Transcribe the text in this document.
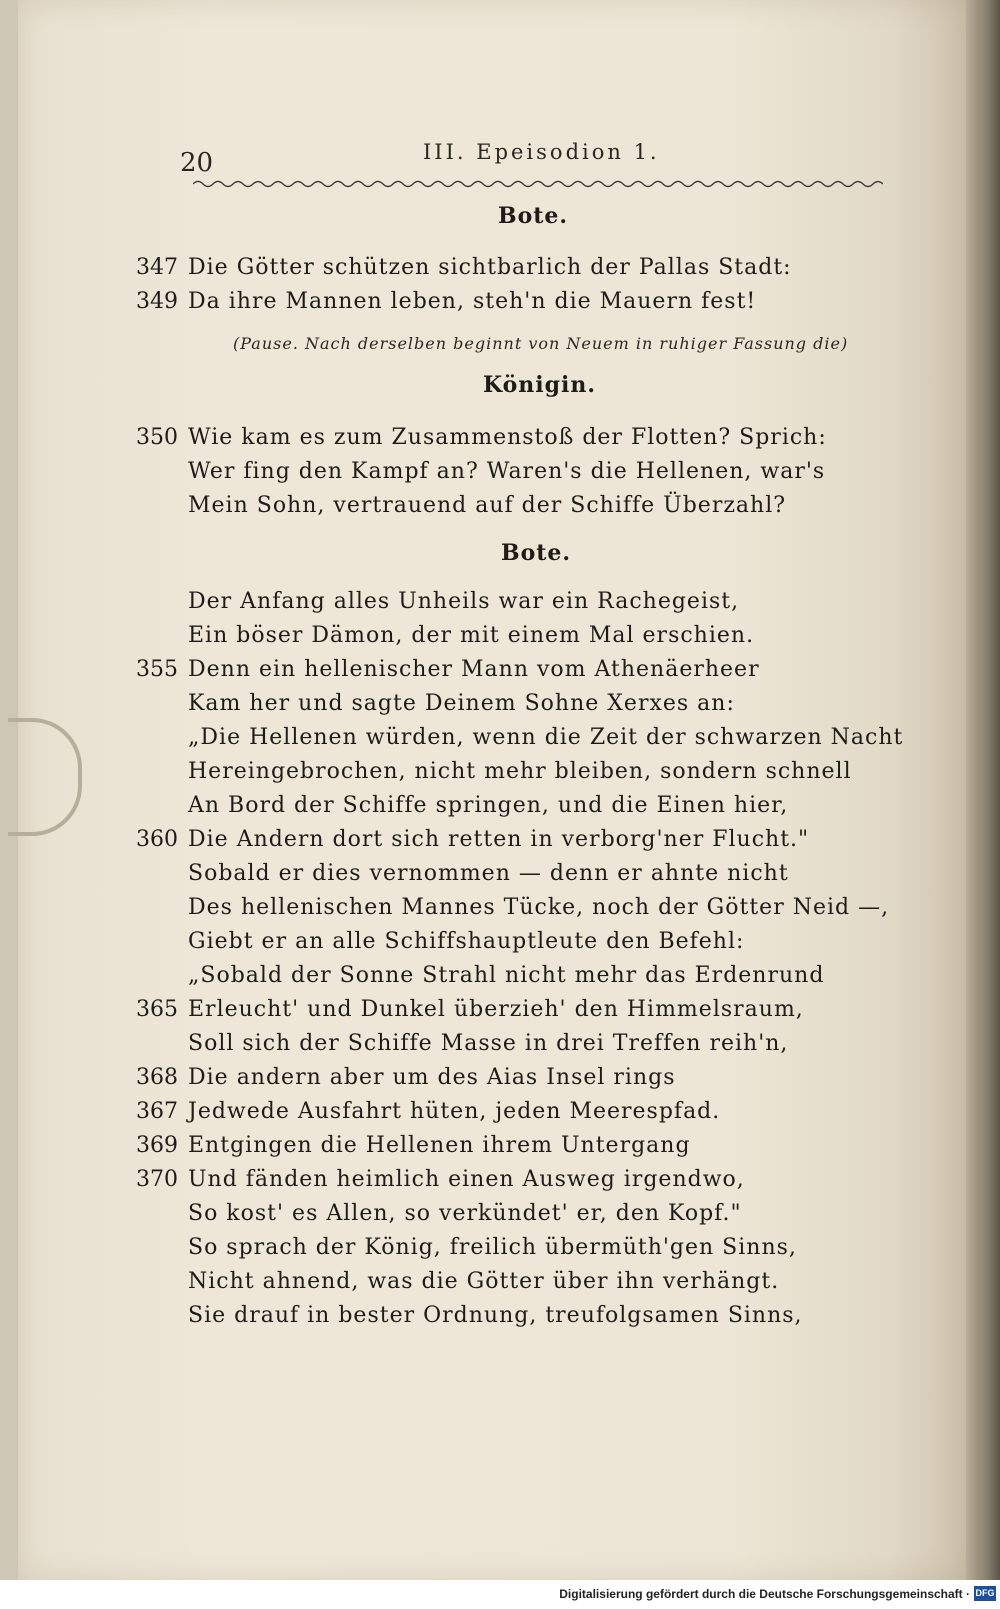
20	III. Epeisodion 1.
Bote.
347 Die Götter schützen sichtbarlich der Pallas Stadt:
349 Da ihre Mannen leben, steh'n die Mauern fest!
(Pause. Nach derselben beginnt von Neuem in ruhiger Fassung die)
Königin.
350 Wie kam es zum Zusammenstoß der Flotten? Sprich:
Wer fing den Kampf an? Waren's die Hellenen, war's
Mein Sohn, vertrauend auf der Schiffe Überzahl?
Bote.
Der Anfang alles Unheils war ein Rachegeist,
Ein böser Dämon, der mit einem Mal erschien.
355 Denn ein hellenischer Mann vom Athenäerheer
Kam her und sagte Deinem Sohne Xerxes an:
„Die Hellenen würden, wenn die Zeit der schwarzen Nacht
Hereingebrochen, nicht mehr bleiben, sondern schnell
An Bord der Schiffe springen, und die Einen hier,
360 Die Andern dort sich retten in verborg'ner Flucht."
Sobald er dies vernommen — denn er ahnte nicht
Des hellenischen Mannes Tücke, noch der Götter Neid —,
Giebt er an alle Schiffshauptleute den Befehl:
„Sobald der Sonne Strahl nicht mehr das Erdenrund
365 Erleucht' und Dunkel überzieh' den Himmelsraum,
Soll sich der Schiffe Masse in drei Treffen reih'n,
368 Die andern aber um des Aias Insel rings
367 Jedwede Ausfahrt hüten, jeden Meerespfad.
369 Entgingen die Hellenen ihrem Untergang
370 Und fänden heimlich einen Ausweg irgendwo,
So kost' es Allen, so verkündet' er, den Kopf."
So sprach der König, freilich übermüth'gen Sinns,
Nicht ahnend, was die Götter über ihn verhängt.
Sie drauf in bester Ordnung, treufolgsamen Sinns,
Digitalisierung gefördert durch die Deutsche Forschungsgemeinschaft · DFG
